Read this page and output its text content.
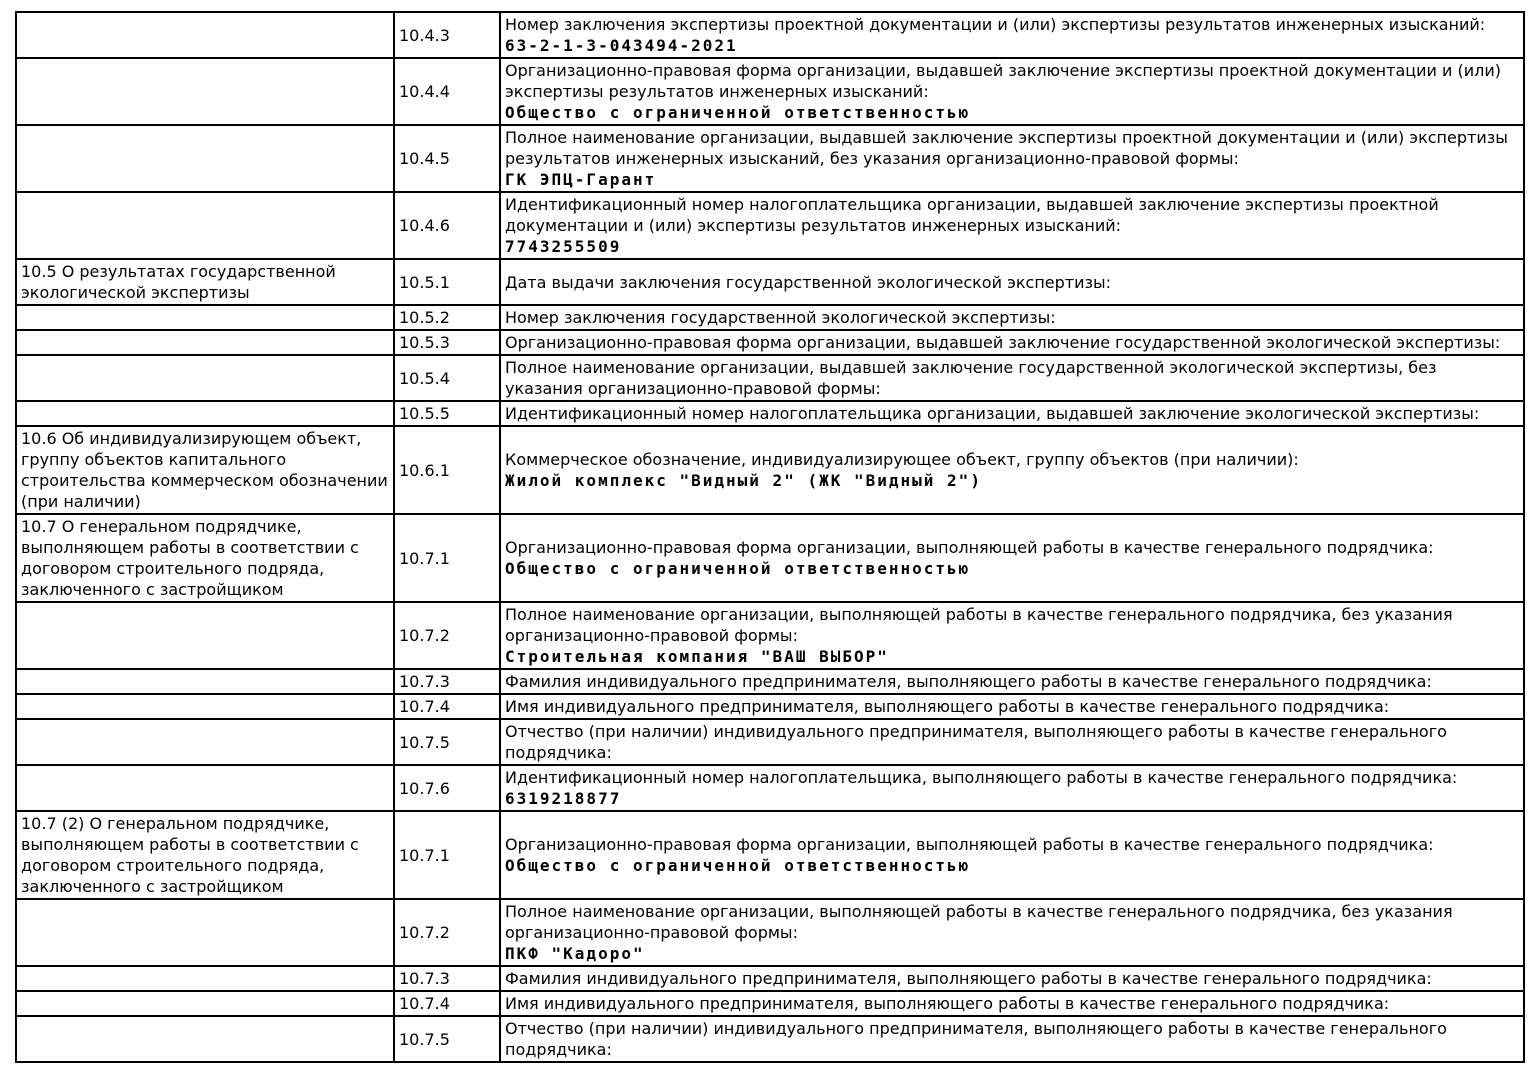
	10.4.3	Номер заключения экспертизы проектной документации и (или) экспертизы результатов инженерных изысканий:
63-2-1-3-043494-2021

	10.4.4	Организационно-правовая форма организации, выдавшей заключение экспертизы проектной документации и (или) экспертизы результатов инженерных изысканий:
Общество с ограниченной ответственностью

	10.4.5	Полное наименование организации, выдавшей заключение экспертизы проектной документации и (или) экспертизы результатов инженерных изысканий, без указания организационно-правовой формы:
ГК ЭПЦ-Гарант

	10.4.6	Идентификационный номер налогоплательщика организации, выдавшей заключение экспертизы проектной документации и (или) экспертизы результатов инженерных изысканий:
7743255509

10.5 О результатах государственной экологической экспертизы	10.5.1	Дата выдачи заключения государственной экологической экспертизы:

	10.5.2	Номер заключения государственной экологической экспертизы:

	10.5.3	Организационно-правовая форма организации, выдавшей заключение государственной экологической экспертизы:

	10.5.4	Полное наименование организации, выдавшей заключение государственной экологической экспертизы, без указания организационно-правовой формы:

	10.5.5	Идентификационный номер налогоплательщика организации, выдавшей заключение экологической экспертизы:

10.6 Об индивидуализирующем объект, группу объектов капитального строительства коммерческом обозначении (при наличии)	10.6.1	Коммерческое обозначение, индивидуализирующее объект, группу объектов (при наличии):
Жилой комплекс "Видный 2" (ЖК "Видный 2")

10.7 О генеральном подрядчике, выполняющем работы в соответствии с договором строительного подряда, заключенного с застройщиком	10.7.1	Организационно-правовая форма организации, выполняющей работы в качестве генерального подрядчика:
Общество с ограниченной ответственностью

	10.7.2	Полное наименование организации, выполняющей работы в качестве генерального подрядчика, без указания организационно-правовой формы:
Строительная компания "ВАШ ВЫБОР"

	10.7.3	Фамилия индивидуального предпринимателя, выполняющего работы в качестве генерального подрядчика:

	10.7.4	Имя индивидуального предпринимателя, выполняющего работы в качестве генерального подрядчика:

	10.7.5	Отчество (при наличии) индивидуального предпринимателя, выполняющего работы в качестве генерального подрядчика:

	10.7.6	Идентификационный номер налогоплательщика, выполняющего работы в качестве генерального подрядчика:
6319218877

10.7 (2) О генеральном подрядчике, выполняющем работы в соответствии с договором строительного подряда, заключенного с застройщиком	10.7.1	Организационно-правовая форма организации, выполняющей работы в качестве генерального подрядчика:
Общество с ограниченной ответственностью

	10.7.2	Полное наименование организации, выполняющей работы в качестве генерального подрядчика, без указания организационно-правовой формы:
ПКФ "Кадоро"

	10.7.3	Фамилия индивидуального предпринимателя, выполняющего работы в качестве генерального подрядчика:

	10.7.4	Имя индивидуального предпринимателя, выполняющего работы в качестве генерального подрядчика:

	10.7.5	Отчество (при наличии) индивидуального предпринимателя, выполняющего работы в качестве генерального подрядчика:
